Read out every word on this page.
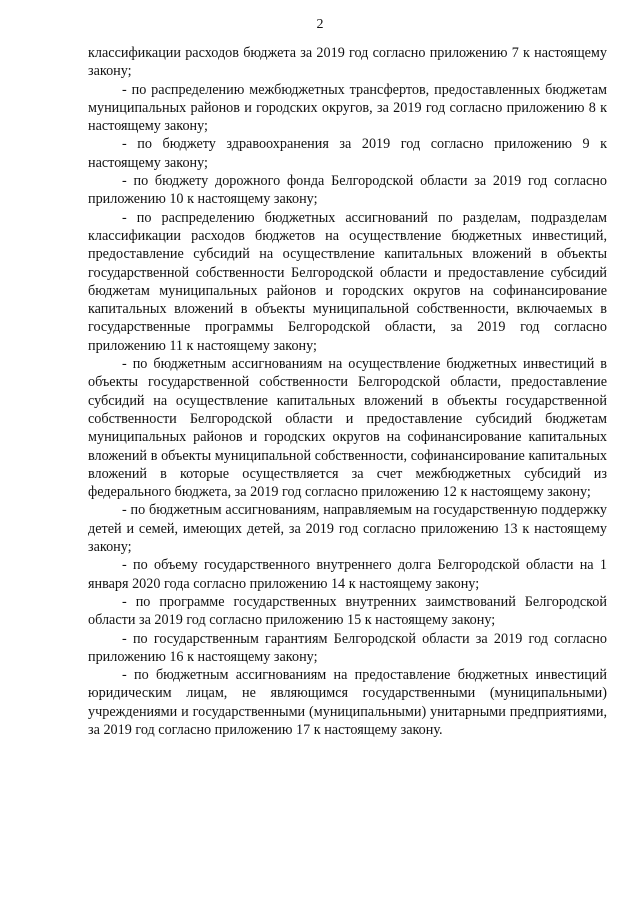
2

классификации расходов бюджета за 2019 год согласно приложению 7 к настоящему закону;

- по распределению межбюджетных трансфертов, предоставленных бюджетам муниципальных районов и городских округов, за 2019 год согласно приложению 8 к настоящему закону;

- по бюджету здравоохранения за 2019 год согласно приложению 9 к настоящему закону;

- по бюджету дорожного фонда Белгородской области за 2019 год согласно приложению 10 к настоящему закону;

- по распределению бюджетных ассигнований по разделам, подразделам классификации расходов бюджетов на осуществление бюджетных инвестиций, предоставление субсидий на осуществление капитальных вложений в объекты государственной собственности Белгородской области и предоставление субсидий бюджетам муниципальных районов и городских округов на софинансирование капитальных вложений в объекты муниципальной собственности, включаемых в государственные программы Белгородской области, за 2019 год согласно приложению 11 к настоящему закону;

- по бюджетным ассигнованиям на осуществление бюджетных инвестиций в объекты государственной собственности Белгородской области, предоставление субсидий на осуществление капитальных вложений в объекты государственной собственности Белгородской области и предоставление субсидий бюджетам муниципальных районов и городских округов на софинансирование капитальных вложений в объекты муниципальной собственности, софинансирование капитальных вложений в которые осуществляется за счет межбюджетных субсидий из федерального бюджета, за 2019 год согласно приложению 12 к настоящему закону;

- по бюджетным ассигнованиям, направляемым на государственную поддержку детей и семей, имеющих детей, за 2019 год согласно приложению 13 к настоящему закону;

- по объему государственного внутреннего долга Белгородской области на 1 января 2020 года согласно приложению 14 к настоящему закону;

- по программе государственных внутренних заимствований Белгородской области за 2019 год согласно приложению 15 к настоящему закону;

- по государственным гарантиям Белгородской области за 2019 год согласно приложению 16 к настоящему закону;

- по бюджетным ассигнованиям на предоставление бюджетных инвестиций юридическим лицам, не являющимся государственными (муниципальными) учреждениями и государственными (муниципальными) унитарными предприятиями, за 2019 год согласно приложению 17 к настоящему закону.
